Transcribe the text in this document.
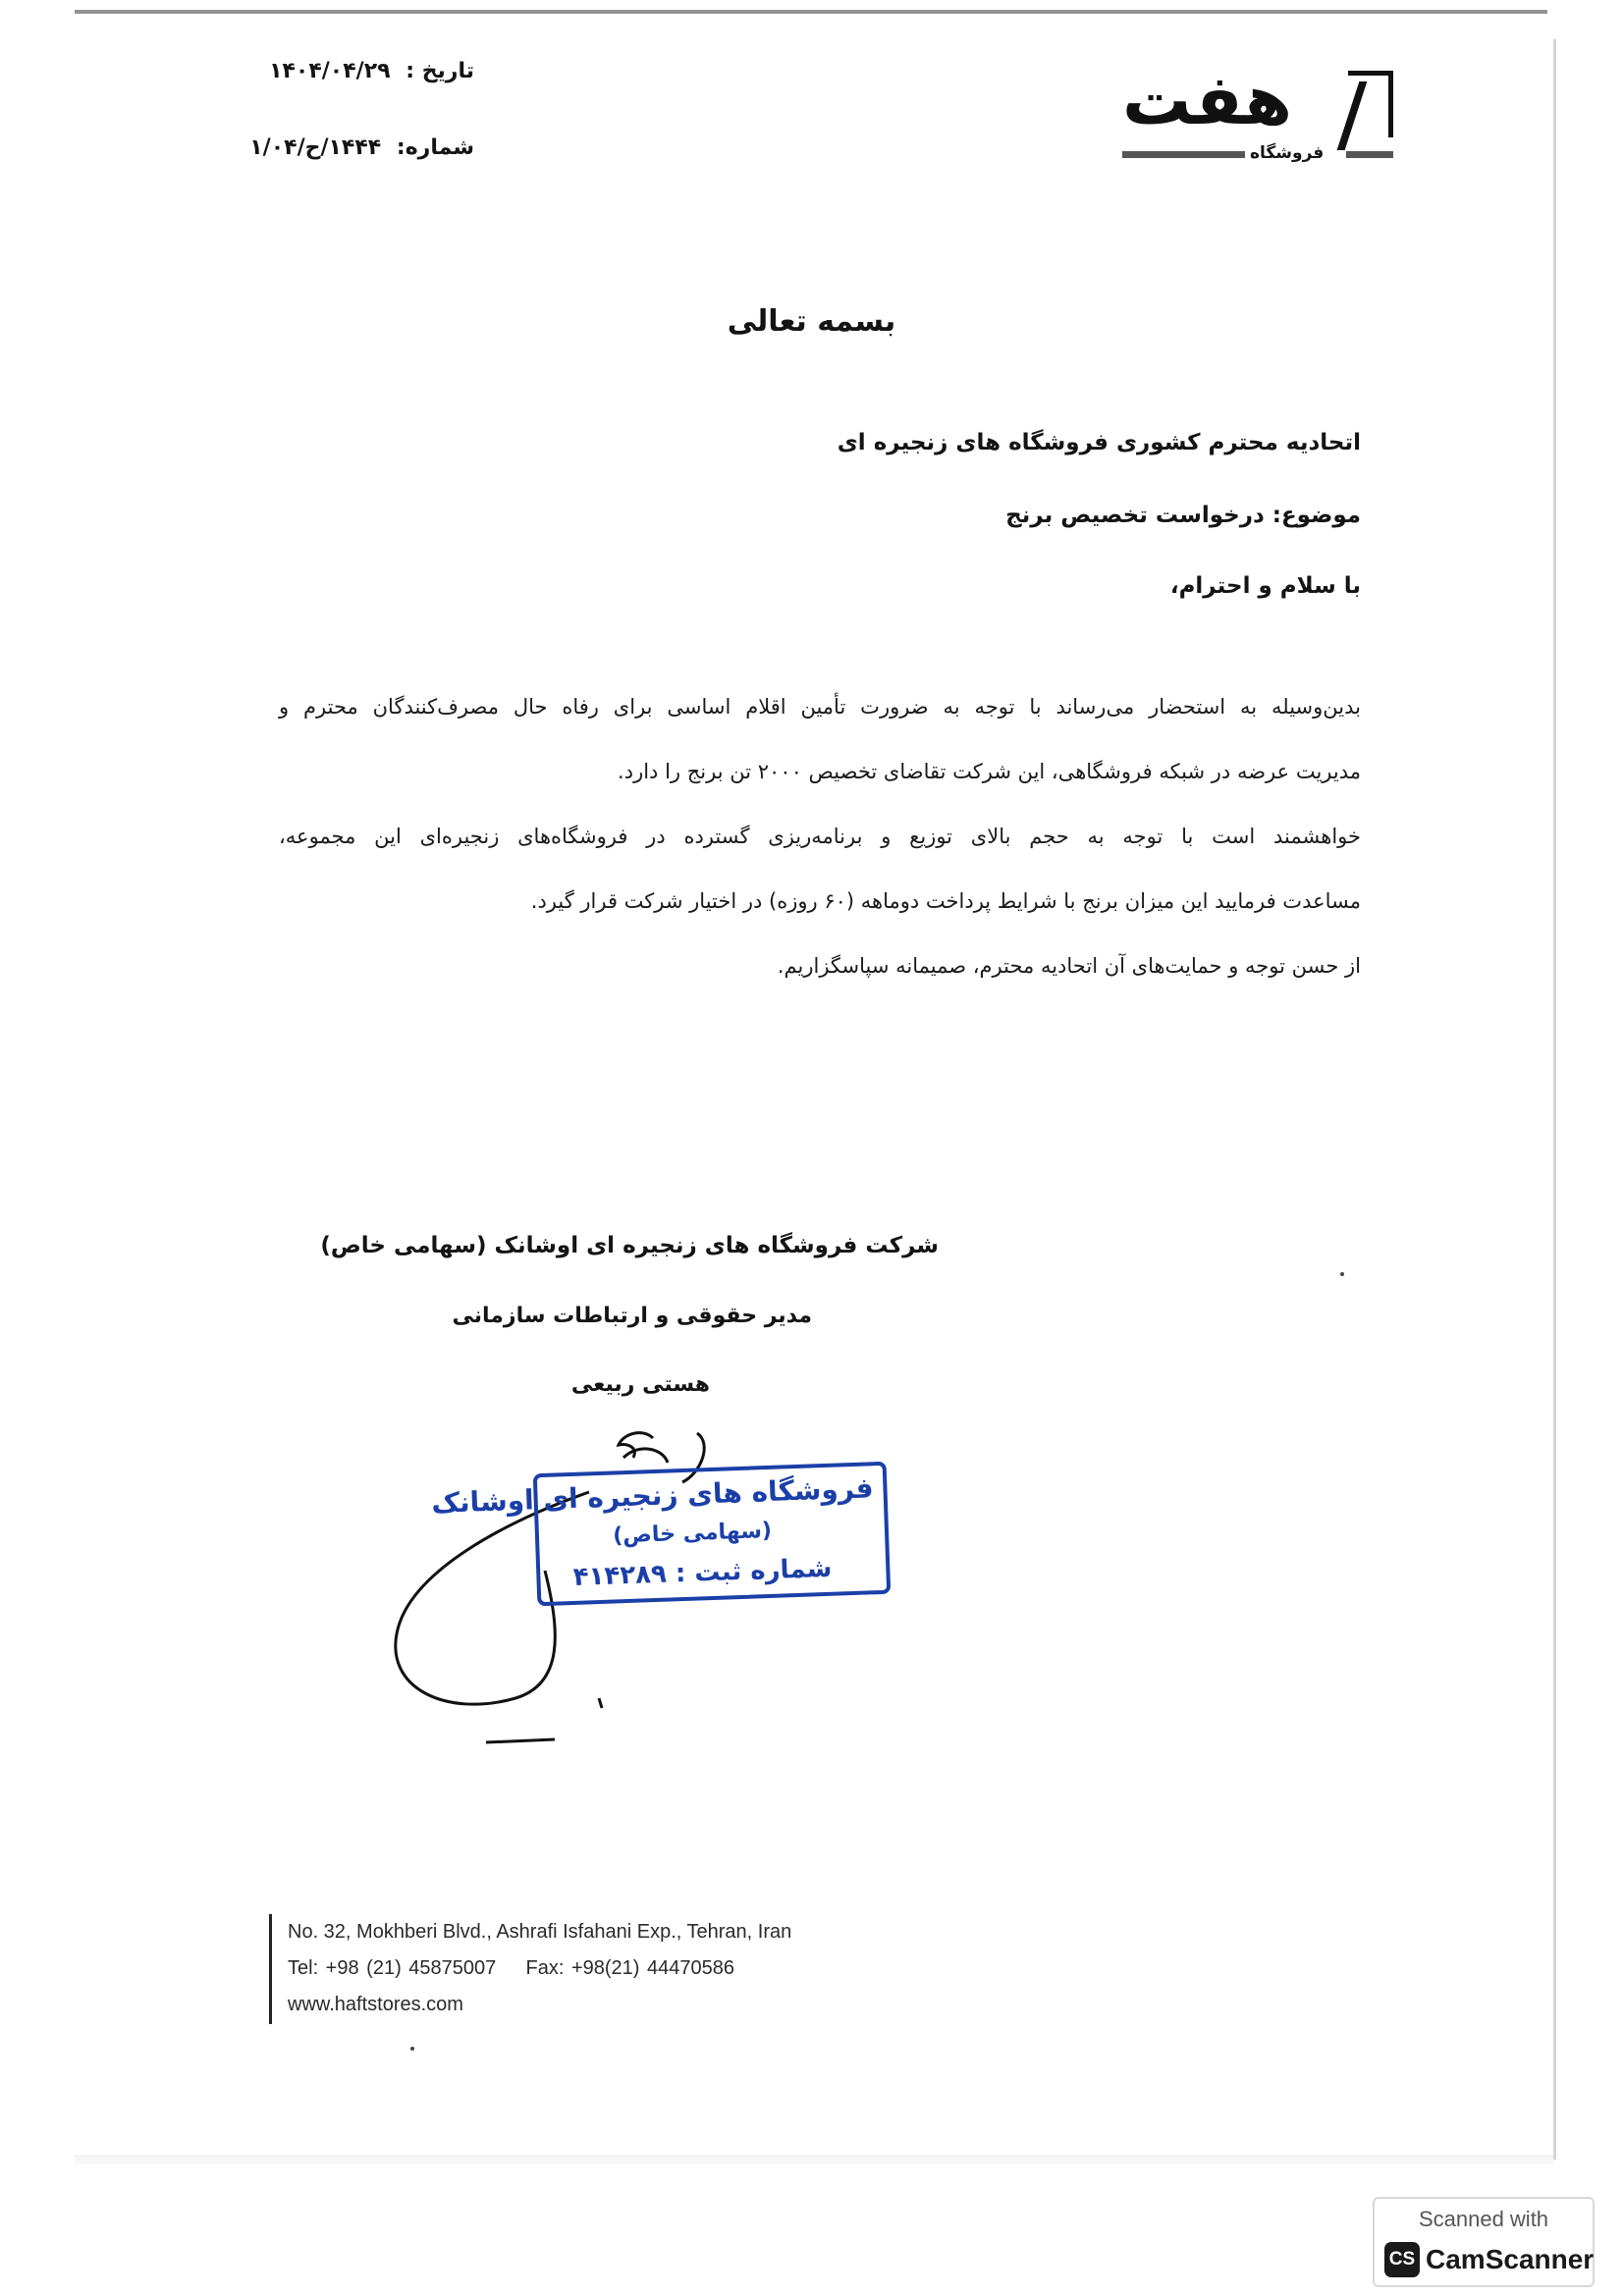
هفت
فروشگاه
تاریخ : ۱۴۰۴/۰۴/۲۹
شماره: ۱۴۴۴/ح/۱/۰۴
بسمه تعالی
اتحادیه محترم کشوری فروشگاه های زنجیره ای
موضوع: درخواست تخصیص برنج
با سلام و احترام،
بدین‌وسیله به استحضار می‌رساند با توجه به ضرورت تأمین اقلام اساسی برای رفاه حال مصرف‌کنندگان محترم و
مدیریت عرضه در شبکه فروشگاهی، این شرکت تقاضای تخصیص ۲۰۰۰ تن برنج را دارد.
خواهشمند است با توجه به حجم بالای توزیع و برنامه‌ریزی گسترده در فروشگاه‌های زنجیره‌ای این مجموعه،
مساعدت فرمایید این میزان برنج با شرایط پرداخت دوماهه (۶۰ روزه) در اختیار شرکت قرار گیرد.
از حسن توجه و حمایت‌های آن اتحادیه محترم، صمیمانه سپاسگزاریم.
شرکت فروشگاه های زنجیره ای اوشانک (سهامی خاص)
مدیر حقوقی و ارتباطات سازمانی
هستی ربیعی
فروشگاه های زنجیره ای اوشانک
(سهامی خاص)
شماره ثبت : ۴۱۴۲۸۹
No. 32, Mokhberi Blvd., Ashrafi Isfahani Exp., Tehran, Iran
Tel: +98 (21) 45875007    Fax: +98(21) 44470586
www.haftstores.com
Scanned with
CS CamScanner
